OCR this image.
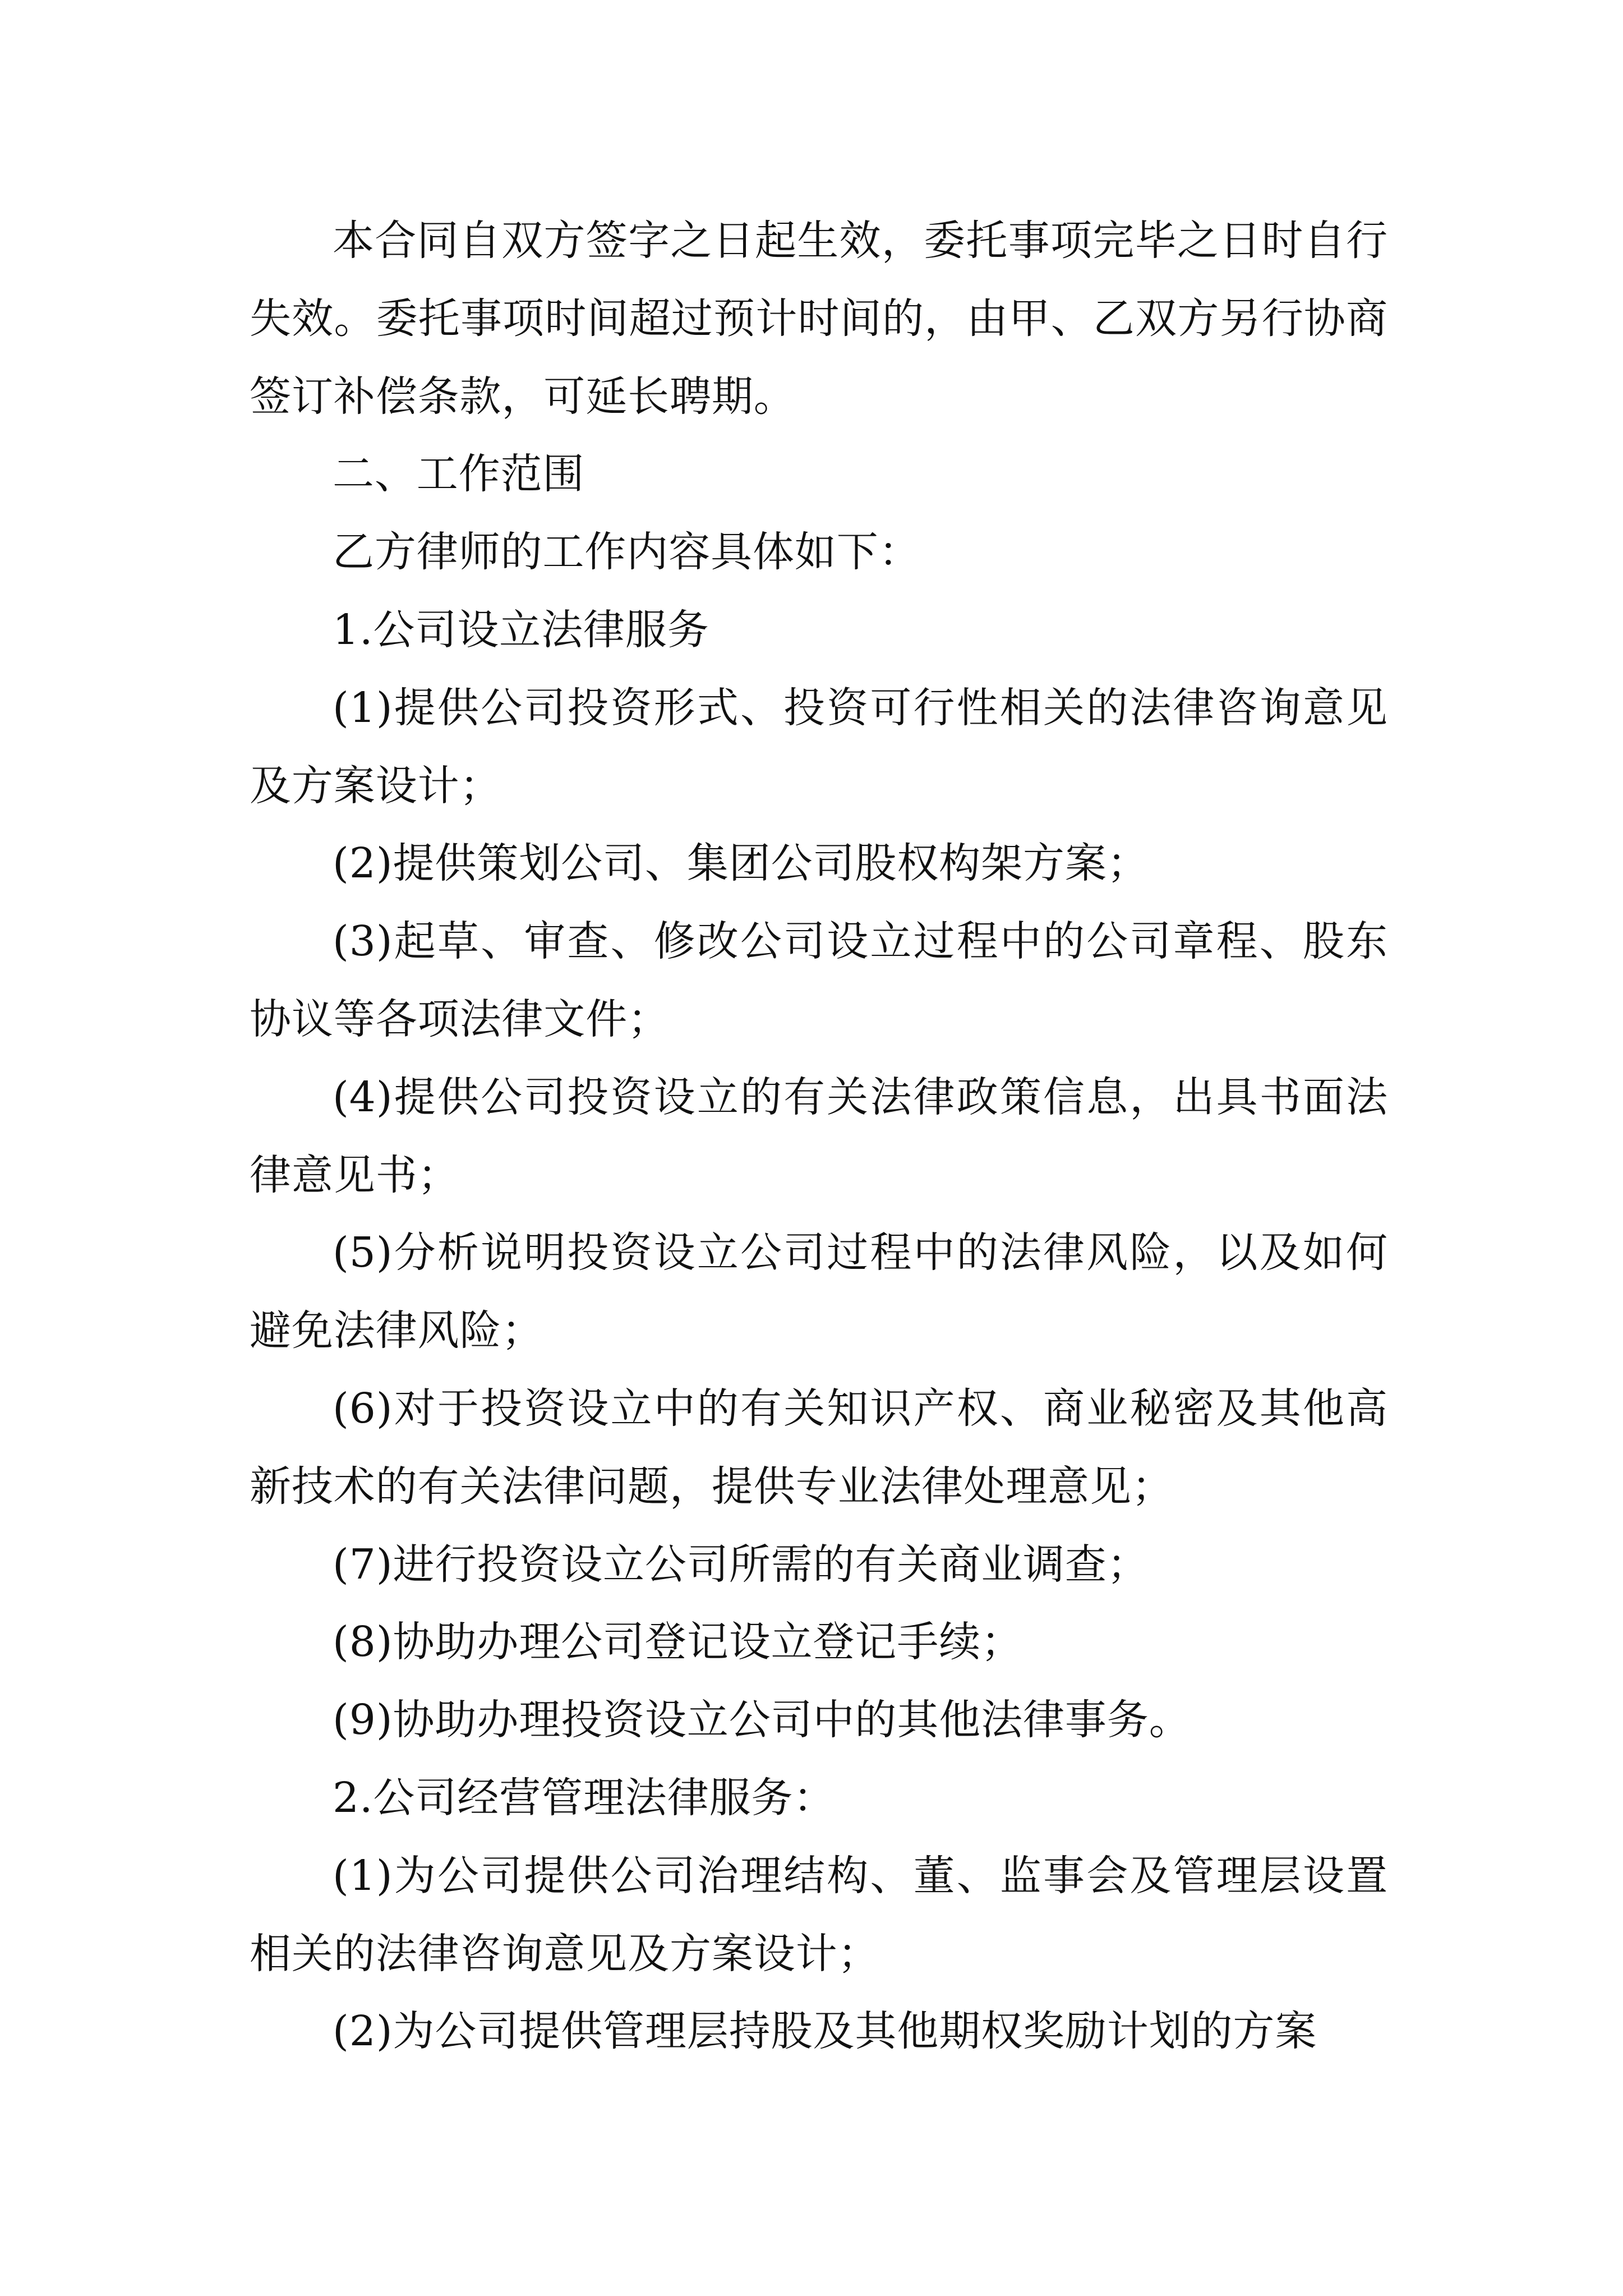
本合同自双方签字之日起生效，委托事项完毕之日时自行失效。委托事项时间超过预计时间的，由甲、乙双方另行协商签订补偿条款，可延长聘期。

二、工作范围

乙方律师的工作内容具体如下：

1.公司设立法律服务

(1)提供公司投资形式、投资可行性相关的法律咨询意见及方案设计；

(2)提供策划公司、集团公司股权构架方案；

(3)起草、审查、修改公司设立过程中的公司章程、股东协议等各项法律文件；

(4)提供公司投资设立的有关法律政策信息，出具书面法律意见书；

(5)分析说明投资设立公司过程中的法律风险，以及如何避免法律风险；

(6)对于投资设立中的有关知识产权、商业秘密及其他高新技术的有关法律问题，提供专业法律处理意见；

(7)进行投资设立公司所需的有关商业调查；

(8)协助办理公司登记设立登记手续；

(9)协助办理投资设立公司中的其他法律事务。

2.公司经营管理法律服务：

(1)为公司提供公司治理结构、董、监事会及管理层设置相关的法律咨询意见及方案设计；

(2)为公司提供管理层持股及其他期权奖励计划的方案
